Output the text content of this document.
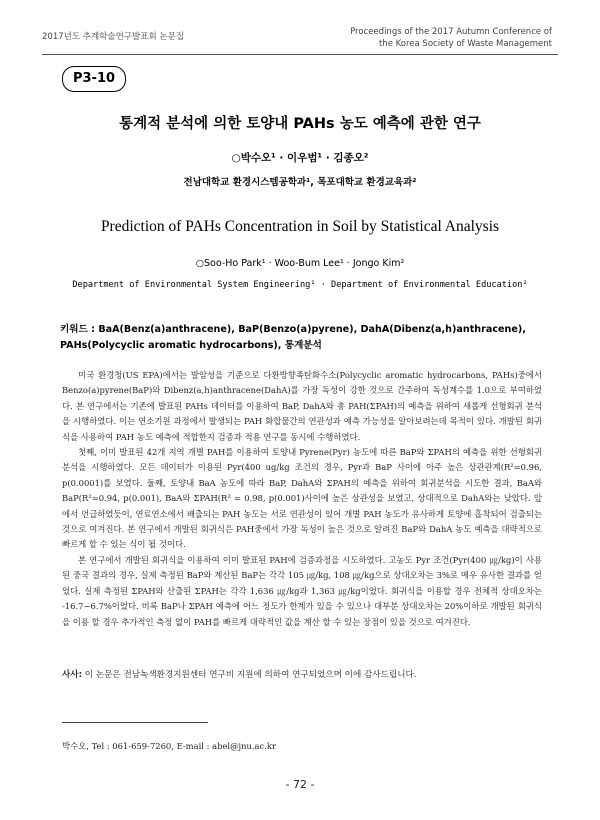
2017년도 추계학술연구발표회 논문집	Proceedings of the 2017 Autumn Conference of
the Korea Society of Waste Management
P3-10
통계적 분석에 의한 토양내 PAHs 농도 예측에 관한 연구
○박수오¹ · 이우범¹ · 김종오²
전남대학교 환경시스템공학과¹, 목포대학교 환경교육과²
Prediction of PAHs Concentration in Soil by Statistical Analysis
○Soo-Ho Park¹ · Woo-Bum Lee¹ · Jongo Kim²
Department of Environmental System Engineering¹ · Department of Environmental Education²
키워드 : BaA(Benz(a)anthracene), BaP(Benzo(a)pyrene), DahA(Dibenz(a,h)anthracene), PAHs(Polycyclic aromatic hydrocarbons), 통계분석

미국 환경청(US EPA)에서는 발암성을 기준으로 다환방향족탄화수소(Polycyclic aromatic hydrocarbons, PAHs)중에서 Benzo(a)pyrene(BaP)와 Dibenz(a,h)anthracene(DahA)를 가장 독성이 강한 것으로 간주하여 독성계수를 1.0으로 부여하였다. 본 연구에서는 기존에 발표된 PAHs 데이터를 이용하여 BaP, DahA와 총 PAH(ΣPAH)의 예측을 위하여 새롭게 선형회귀 분석을 시행하였다. 이는 연소기원 과정에서 발생되는 PAH 화합물간의 연관성과 예측 가능성을 알아보려는데 목적이 있다. 개발된 회귀식을 사용하여 PAH 농도 예측에 적합한지 검증과 적용 연구를 동시에 수행하였다.

첫째, 이미 발표된 42개 지역 개별 PAH를 이용하여 토양내 Pyrene(Pyr) 농도에 따른 BaP와 ΣPAH의 예측을 위한 선형회귀분석을 시행하였다. 모든 데이터가 이용된 Pyr(400 ug/kg 조건의 경우, Pyr과 BaP 사이에 아주 높은 상관관계(R²=0.96, p(0.0001)를 보였다. 둘째, 토양내 BaA 농도에 따라 BaP, DahA와 ΣPAH의 예측을 위하여 회귀분석을 시도한 결과, BaA와 BaP(R²=0.94, p(0.001), BaA와 ΣPAH(R² = 0.98, p(0.001)사이에 높은 상관성을 보였고, 상대적으로 DahA와는 낮았다. 앞에서 언급하였듯이, 연료연소에서 배출되는 PAH 농도는 서로 연관성이 있어 개별 PAH 농도가 유사하게 토양에 흡착되어 검출되는 것으로 여겨진다. 본 연구에서 개발된 회귀식은 PAH중에서 가장 독성이 높은 것으로 알려진 BaP와 DahA 농도 예측을 대략적으로 빠르게 할 수 있는 식이 될 것이다.

본 연구에서 개발된 회귀식을 이용하여 이미 발표된 PAH에 검증과정을 시도하였다. 고농도 Pyr 조건(Pyr(400 ㎍/kg)이 사용된 중국 결과의 경우, 실제 측정된 BaP와 계산된 BaP는 각각 105 ㎍/kg, 108 ㎍/kg으로 상대오차는 3%로 매우 유사한 결과를 얻었다. 실제 측정된 ΣPAH와 산출된 ΣPAH는 각각 1,636 ㎍/kg과 1,363 ㎍/kg이었다. 회귀식을 이용할 경우 전체적 상대오차는 -16.7~6.7%이었다. 비록 BaP나 ΣPAH 예측에 어느 정도가 한계가 있을 수 있으나 대부분 상대오차는 20%이하로 개발된 회귀식을 이용 할 경우 추가적인 측정 없이 PAH를 빠르게 대략적인 값을 계산 할 수 있는 장점이 있을 것으로 여겨진다.

사사: 이 논문은 전남녹색환경지원센터 연구비 지원에 의하여 연구되었으며 이에 감사드립니다.
박수오, Tel : 061-659-7260, E-mail : abel@jnu.ac.kr
- 72 -
